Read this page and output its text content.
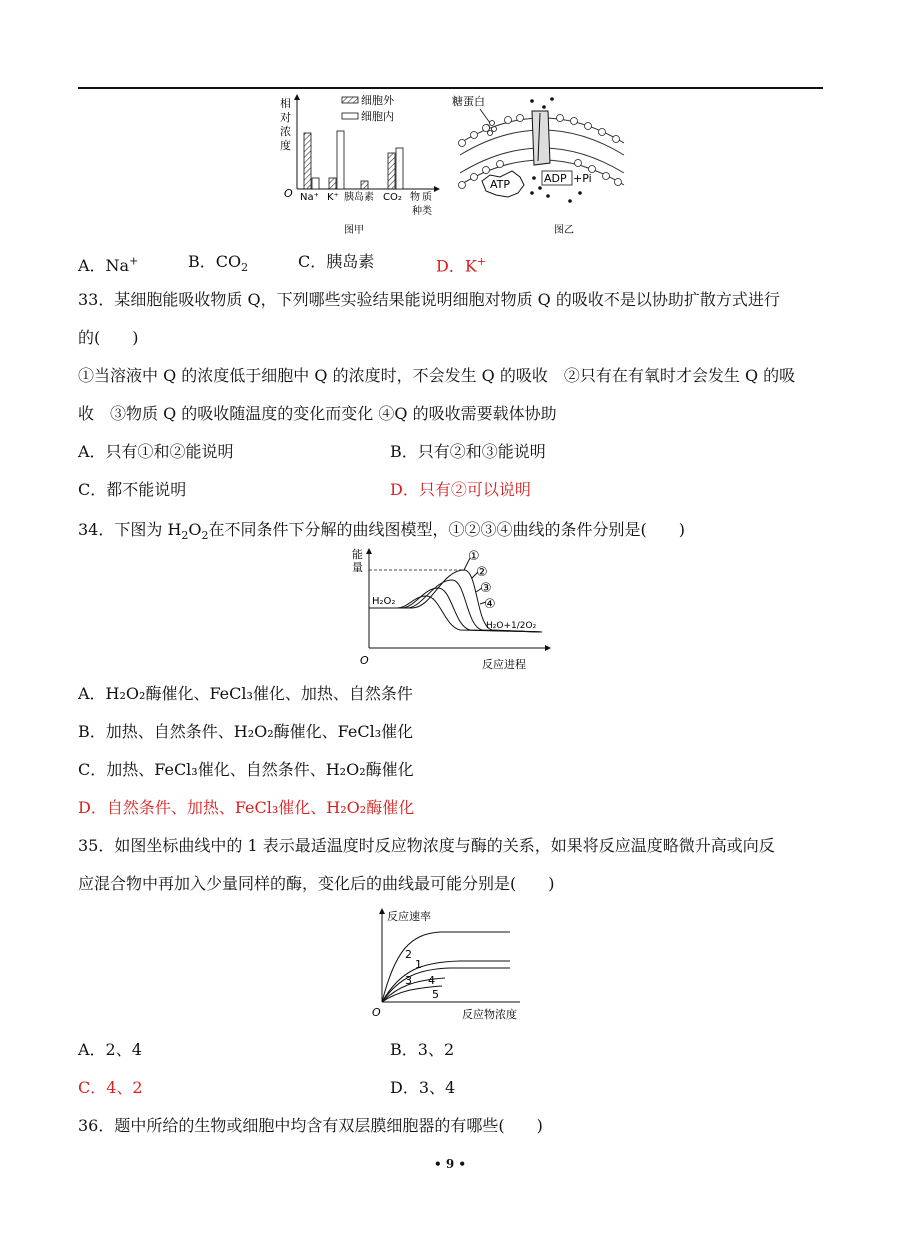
相
对
浓
度
细胞外
细胞内
O Na⁺ K⁺ 胰岛素 CO₂ 物 质
种类
图甲
糖蛋白
ATP	ADP +Pi
图乙
A．Na+	B．$CO_2$	C．胰岛素	D．K+
33．某细胞能吸收物质 Q，下列哪些实验结果能说明细胞对物质 Q 的吸收不是以协助扩散方式进行
的(　　)
①当溶液中 Q 的浓度低于细胞中 Q 的浓度时，不会发生 Q 的吸收　②只有在有氧时才会发生 Q 的吸
收　③物质 Q 的吸收随温度的变化而变化 ④Q 的吸收需要载体协助
A．只有①和②能说明	B．只有②和③能说明
C．都不能说明	D．只有②可以说明
34．下图为 $H_2O_2$在不同条件下分解的曲线图模型，①②③④曲线的条件分别是(　　)
能
量
①
②
③
④
H₂O₂
H₂O+1/2O₂
O	反应进程
A．H₂O₂酶催化、FeCl₃催化、加热、自然条件
B．加热、自然条件、H₂O₂酶催化、FeCl₃催化
C．加热、FeCl₃催化、自然条件、H₂O₂酶催化
D．自然条件、加热、FeCl₃催化、H₂O₂酶催化
35．如图坐标曲线中的 1 表示最适温度时反应物浓度与酶的关系，如果将反应温度略微升高或向反
应混合物中再加入少量同样的酶，变化后的曲线最可能分别是(　　)
反应速率
2
1
3 4
5
O	反应物浓度
A．2、4	B．3、2
C．4、2	D．3、4
36．题中所给的生物或细胞中均含有双层膜细胞器的有哪些(　　)
• 9 •
